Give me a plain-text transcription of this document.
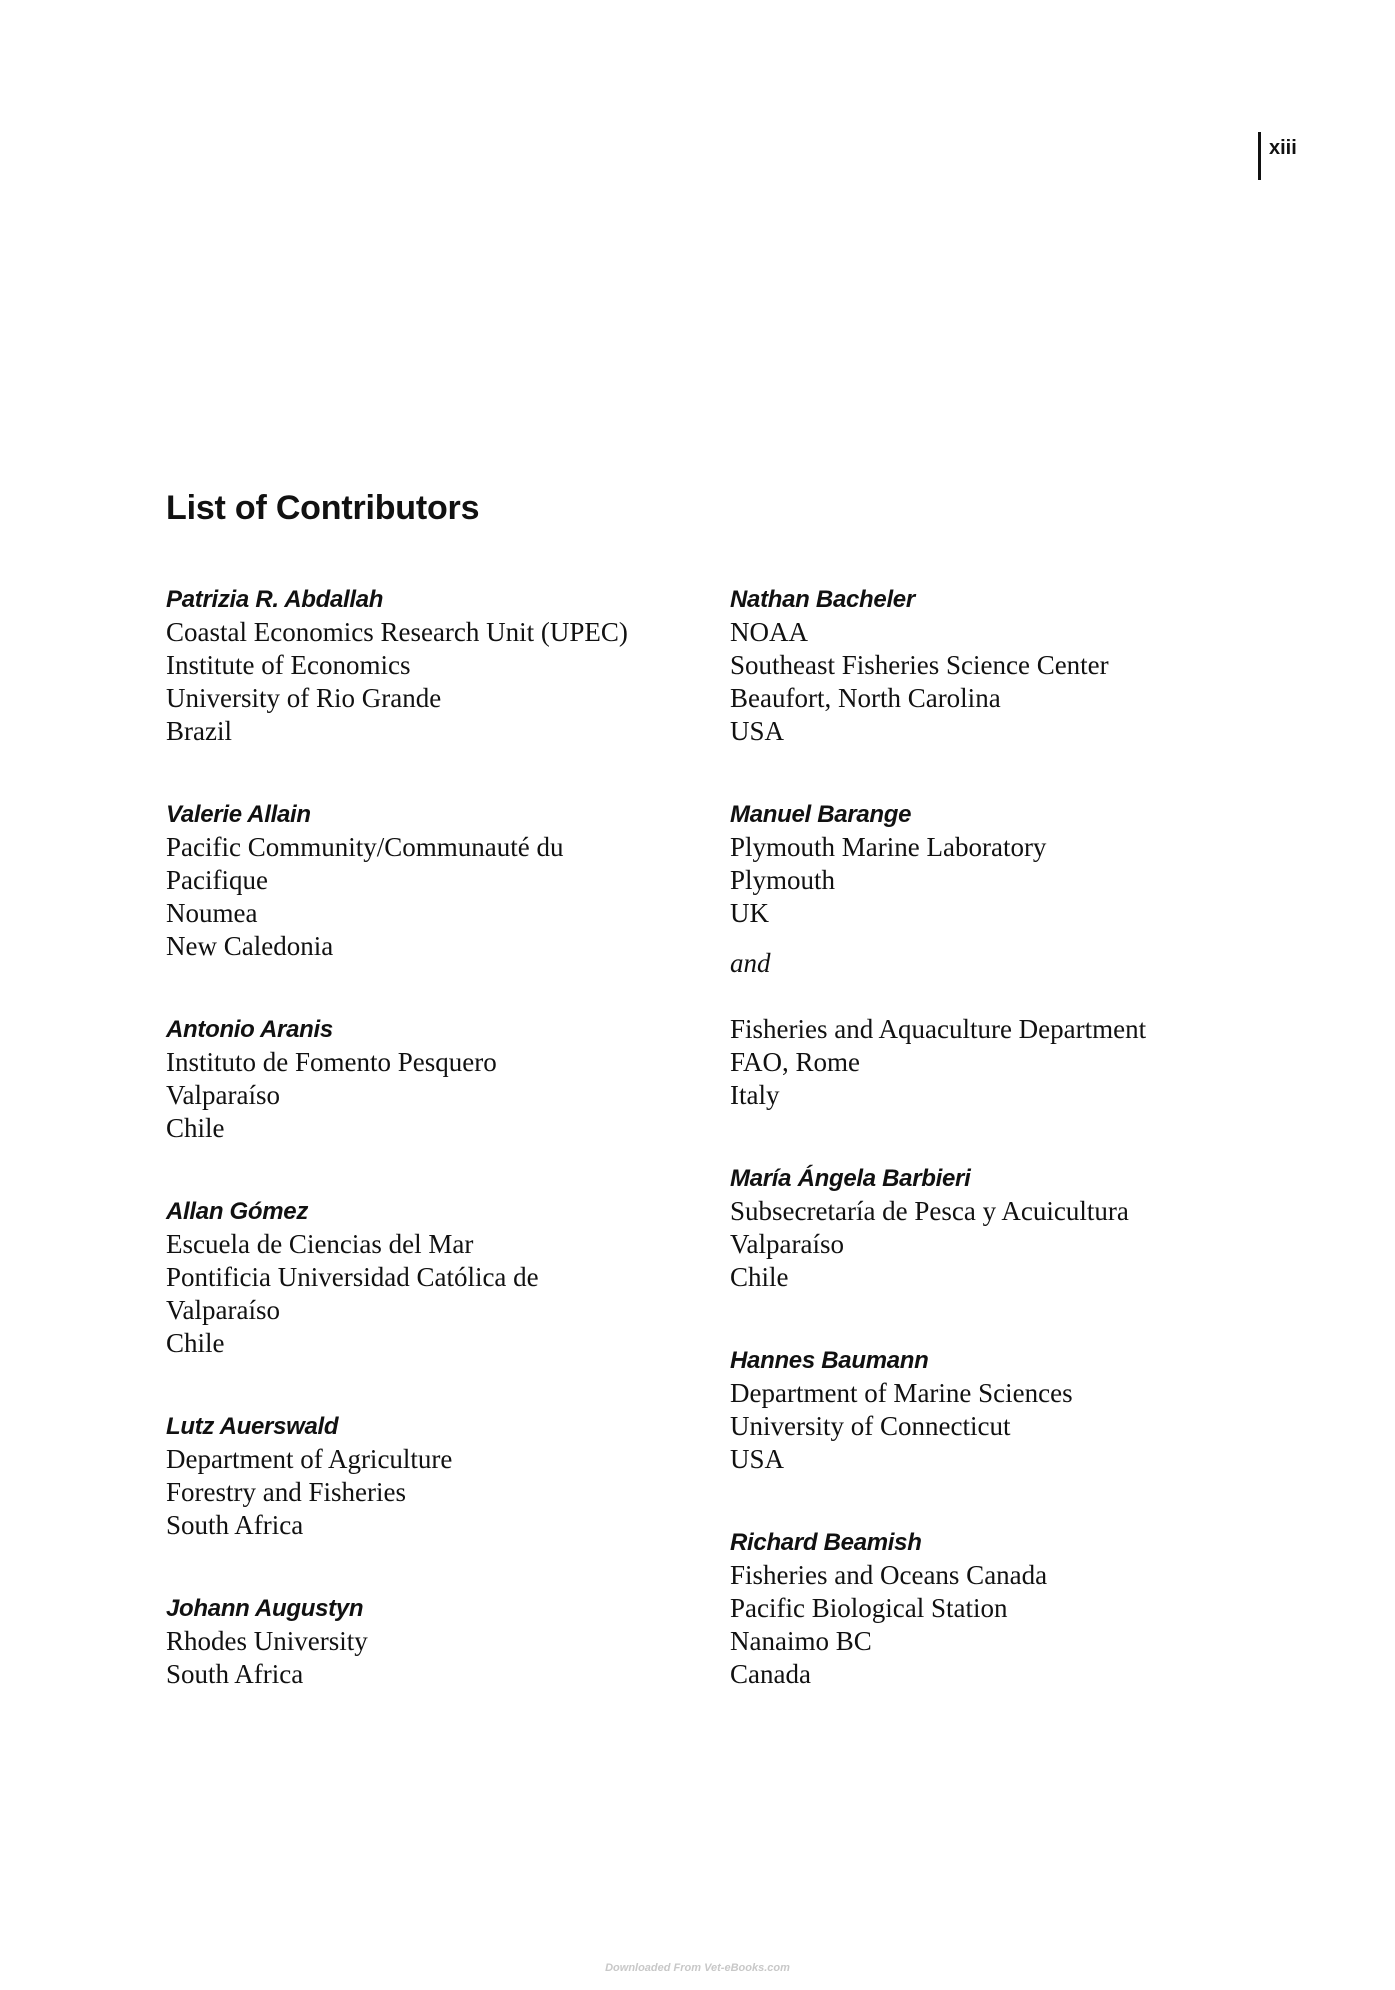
xiii
List of Contributors
Patrizia R. Abdallah
Coastal Economics Research Unit (UPEC)
Institute of Economics
University of Rio Grande
Brazil
Valerie Allain
Pacific Community/Communauté du
Pacifique
Noumea
New Caledonia
Antonio Aranis
Instituto de Fomento Pesquero
Valparaíso
Chile
Allan Gómez
Escuela de Ciencias del Mar
Pontificia Universidad Católica de
Valparaíso
Chile
Lutz Auerswald
Department of Agriculture
Forestry and Fisheries
South Africa
Johann Augustyn
Rhodes University
South Africa
Nathan Bacheler
NOAA
Southeast Fisheries Science Center
Beaufort, North Carolina
USA
Manuel Barange
Plymouth Marine Laboratory
Plymouth
UK
and
Fisheries and Aquaculture Department
FAO, Rome
Italy
María Ángela Barbieri
Subsecretaría de Pesca y Acuicultura
Valparaíso
Chile
Hannes Baumann
Department of Marine Sciences
University of Connecticut
USA
Richard Beamish
Fisheries and Oceans Canada
Pacific Biological Station
Nanaimo BC
Canada
Downloaded From Vet-eBooks.com
